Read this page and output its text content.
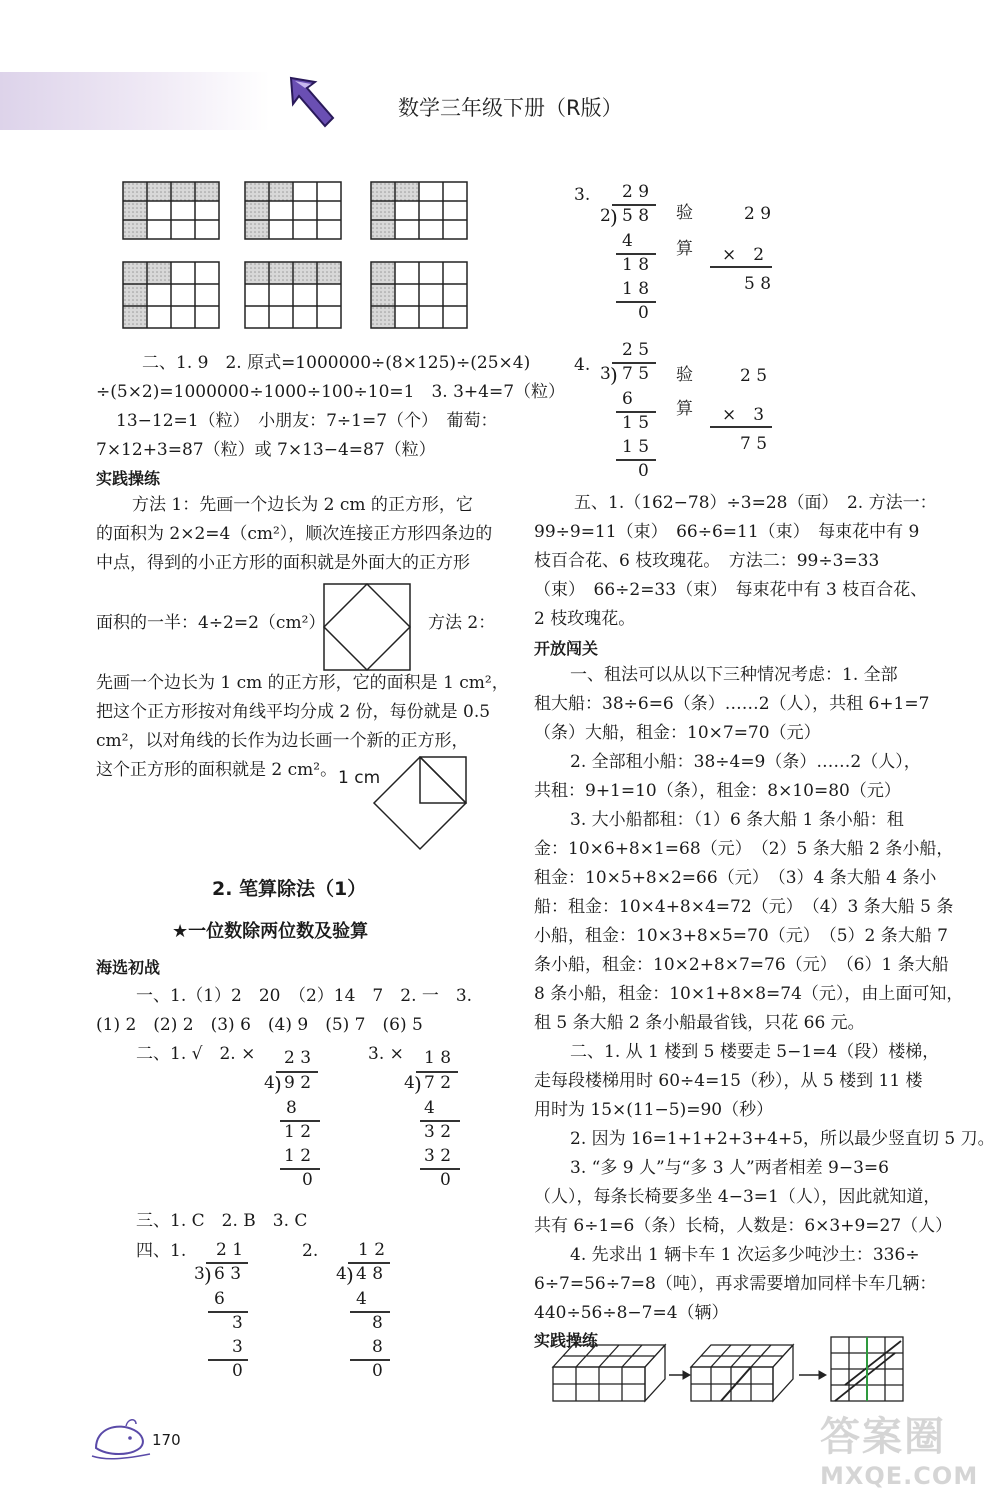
数学三年级下册（R版）
二、1. 9　2. 原式=1000000÷(8×125)÷(25×4)
÷(5×2)=1000000÷1000÷100÷10=1　3. 3+4=7（粒）
13−12=1（粒）　小朋友：7÷1=7（个）　葡萄：
7×12+3=87（粒）或 7×13−4=87（粒）
实践操练
方法 1：先画一个边长为 2 cm 的正方形，它
的面积为 2×2=4（cm²），顺次连接正方形四条边的
中点，得到的小正方形的面积就是外面大的正方形
面积的一半：4÷2=2（cm²）	方法 2：
先画一个边长为 1 cm 的正方形，它的面积是 1 cm²，
把这个正方形按对角线平均分成 2 份，每份就是 0.5
cm²，以对角线的长作为边长画一个新的正方形，
这个正方形的面积就是 2 cm²。 1 cm
2. 笔算除法（1）
★一位数除两位数及验算
海选初战
一、1.（1）2　20　（2）14　7　2. 一　3.
(1) 2　(2) 2　(3) 6　(4) 9　(5) 7　(6) 5
二、1. √　2. ×	3. ×
2 3
4 ) 9 2
8
1 2
1 2
0
1 8
4 ) 7 2
4
3 2
3 2
0
三、1. C　2. B　3. C
四、1.	2.
2 1
3 ) 6 3
6
3
3
0
1 2
4 ) 4 8
4
8
8
0
170
3. 2 9
2 ) 5 8
4
1 8
1 8
0
验
算
2 9
×　2
5 8
4.
2 5
3 ) 7 5
6
1 5
1 5
0
验
算
2 5
×　3
7 5
五、1.（162−78）÷3=28（面）　2. 方法一：
99÷9=11（束）　66÷6=11（束）　每束花中有 9
枝百合花、6 枝玫瑰花。　方法二：99÷3=33
（束）　66÷2=33（束）　每束花中有 3 枝百合花、
2 枝玫瑰花。
开放闯关
一、租法可以从以下三种情况考虑：1. 全部
租大船：38÷6=6（条）……2（人），共租 6+1=7
（条）大船，租金：10×7=70（元）
2. 全部租小船：38÷4=9（条）……2（人），
共租：9+1=10（条），租金：8×10=80（元）
3. 大小船都租：（1）6 条大船 1 条小船：租
金：10×6+8×1=68（元）　（2）5 条大船 2 条小船，
租金：10×5+8×2=66（元）　（3）4 条大船 4 条小
船：租金：10×4+8×4=72（元）　（4）3 条大船 5 条
小船，租金：10×3+8×5=70（元）　（5）2 条大船 7
条小船，租金：10×2+8×7=76（元）　（6）1 条大船
8 条小船，租金：10×1+8×8=74（元），由上面可知，
租 5 条大船 2 条小船最省钱，只花 66 元。
二、1. 从 1 楼到 5 楼要走 5−1=4（段）楼梯，
走每段楼梯用时 60÷4=15（秒），从 5 楼到 11 楼
用时为 15×(11−5)=90（秒）
2. 因为 16=1+1+2+3+4+5，所以最少竖直切 5 刀。
3. “多 9 人”与“多 3 人”两者相差 9−3=6
（人），每条长椅要多坐 4−3=1（人），因此就知道，
共有 6÷1=6（条）长椅，人数是：6×3+9=27（人）
4. 先求出 1 辆卡车 1 次运多少吨沙土：336÷
6÷7=56÷7=8（吨），再求需要增加同样卡车几辆：
440÷56÷8−7=4（辆）
实践操练
答案圈
MXQE.COM
